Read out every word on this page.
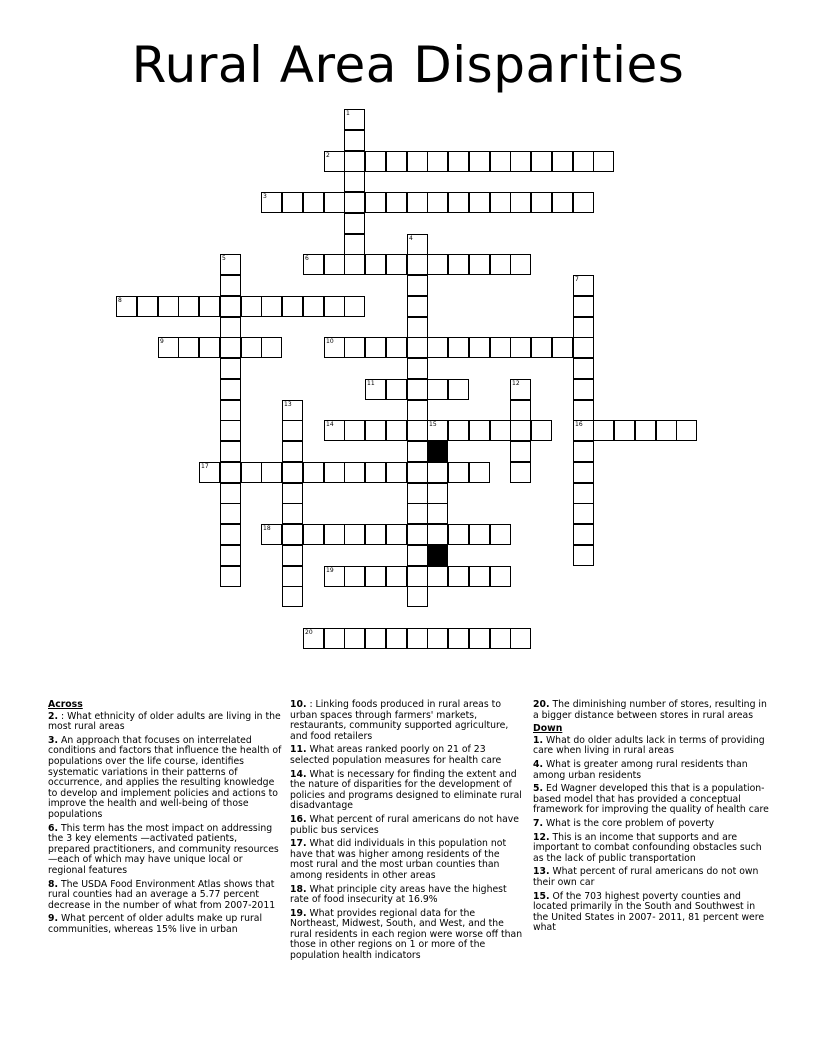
Rural Area Disparities
2
3
6
8
9	10
11
14	15	16
17
18
19
20
1
4
5
7
12
13
Across
2. : What ethnicity of older adults are living in the most rural areas
3. An approach that focuses on interrelated conditions and factors that influence the health of populations over the life course, identifies systematic variations in their patterns of occurrence, and applies the resulting knowledge to develop and implement policies and actions to improve the health and well-being of those populations
6. This term has the most impact on addressing the 3 key elements —activated patients, prepared practitioners, and community resources—each of which may have unique local or regional features
8. The USDA Food Environment Atlas shows that rural counties had an average a 5.77 percent decrease in the number of what from 2007-2011
9. What percent of older adults make up rural communities, whereas 15% live in urban
10. : Linking foods produced in rural areas to urban spaces through farmers' markets, restaurants, community supported agriculture, and food retailers
11. What areas ranked poorly on 21 of 23 selected population measures for health care
14. What is necessary for finding the extent and the nature of disparities for the development of policies and programs designed to eliminate rural disadvantage
16. What percent of rural americans do not have public bus services
17. What did individuals in this population not have that was higher among residents of the most rural and the most urban counties than among residents in other areas
18. What principle city areas have the highest rate of food insecurity at 16.9%
19. What provides regional data for the Northeast, Midwest, South, and West, and the rural residents in each region were worse off than those in other regions on 1 or more of the population health indicators
20. The diminishing number of stores, resulting in a bigger distance between stores in rural areas
Down
1. What do older adults lack in terms of providing care when living in rural areas
4. What is greater among rural residents than among urban residents
5. Ed Wagner developed this that is a population-based model that has provided a conceptual framework for improving the quality of health care
7. What is the core problem of poverty
12. This is an income that supports and are important to combat confounding obstacles such as the lack of public transportation
13. What percent of rural americans do not own their own car
15. Of the 703 highest poverty counties and located primarily in the South and Southwest in the United States in 2007- 2011, 81 percent were what
